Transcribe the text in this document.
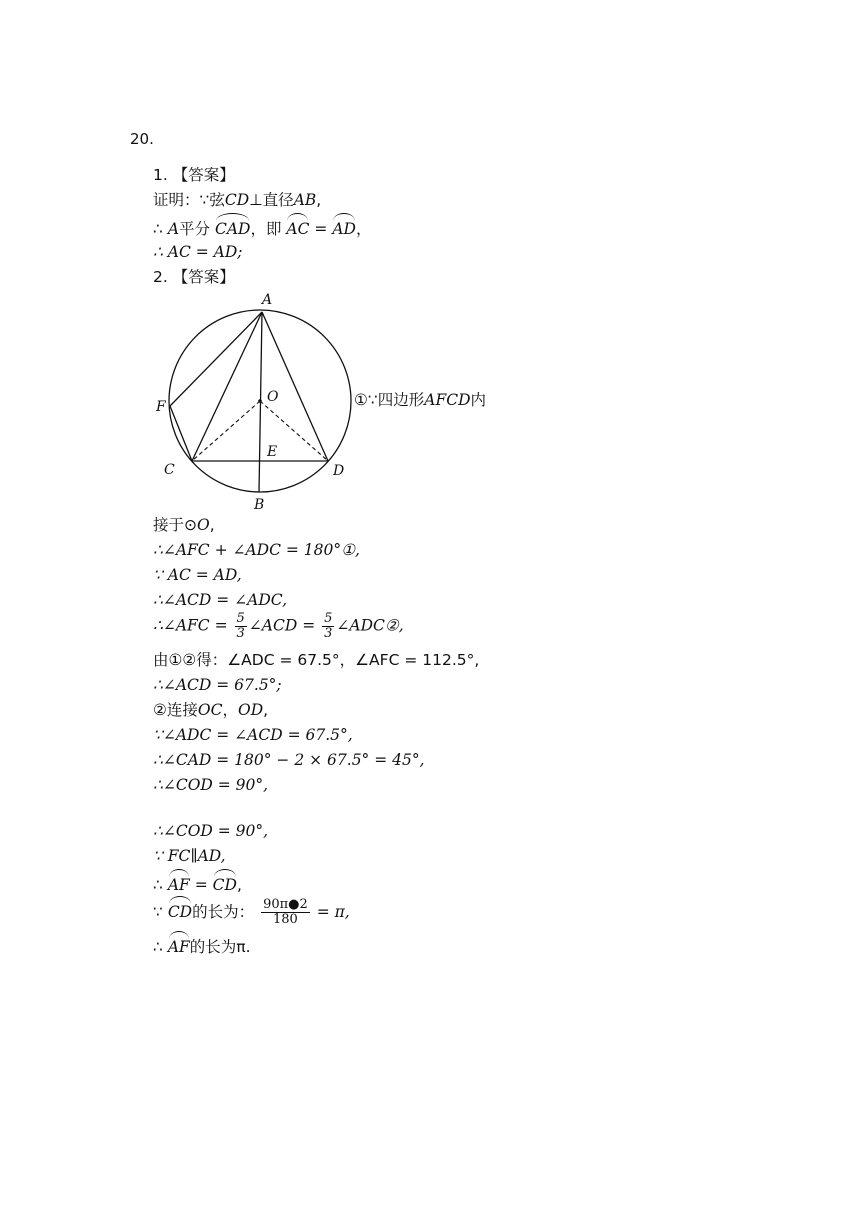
20.
1. 【答案】
证明：∵弦CD⊥直径AB,
∴ A平分 CAD，即 AC = AD，
∴ AC = AD;
2. 【答案】
A
O
F
C
E
D
B
①∵四边形AFCD内
接于⊙O,
∴∠AFC + ∠ADC = 180°①,
∵ AC = AD,
∴∠ACD = ∠ADC,
∴∠AFC = $\frac{5}{3}$ ∠ACD = $\frac{5}{3}$ ∠ADC②,
由①②得：∠ADC = 67.5°，∠AFC = 112.5°,
∴∠ACD = 67.5°;
②连接OC，OD,
∵∠ADC = ∠ACD = 67.5°,
∴∠CAD = 180° − 2 × 67.5° = 45°,
∴∠COD = 90°,
∴∠COD = 90°,
∵ FC∥AD,
∴ AF = CD,
∵ CD的长为： $\frac{90\pi●2}{180} = \pi$,
∴ AF的长为π.
